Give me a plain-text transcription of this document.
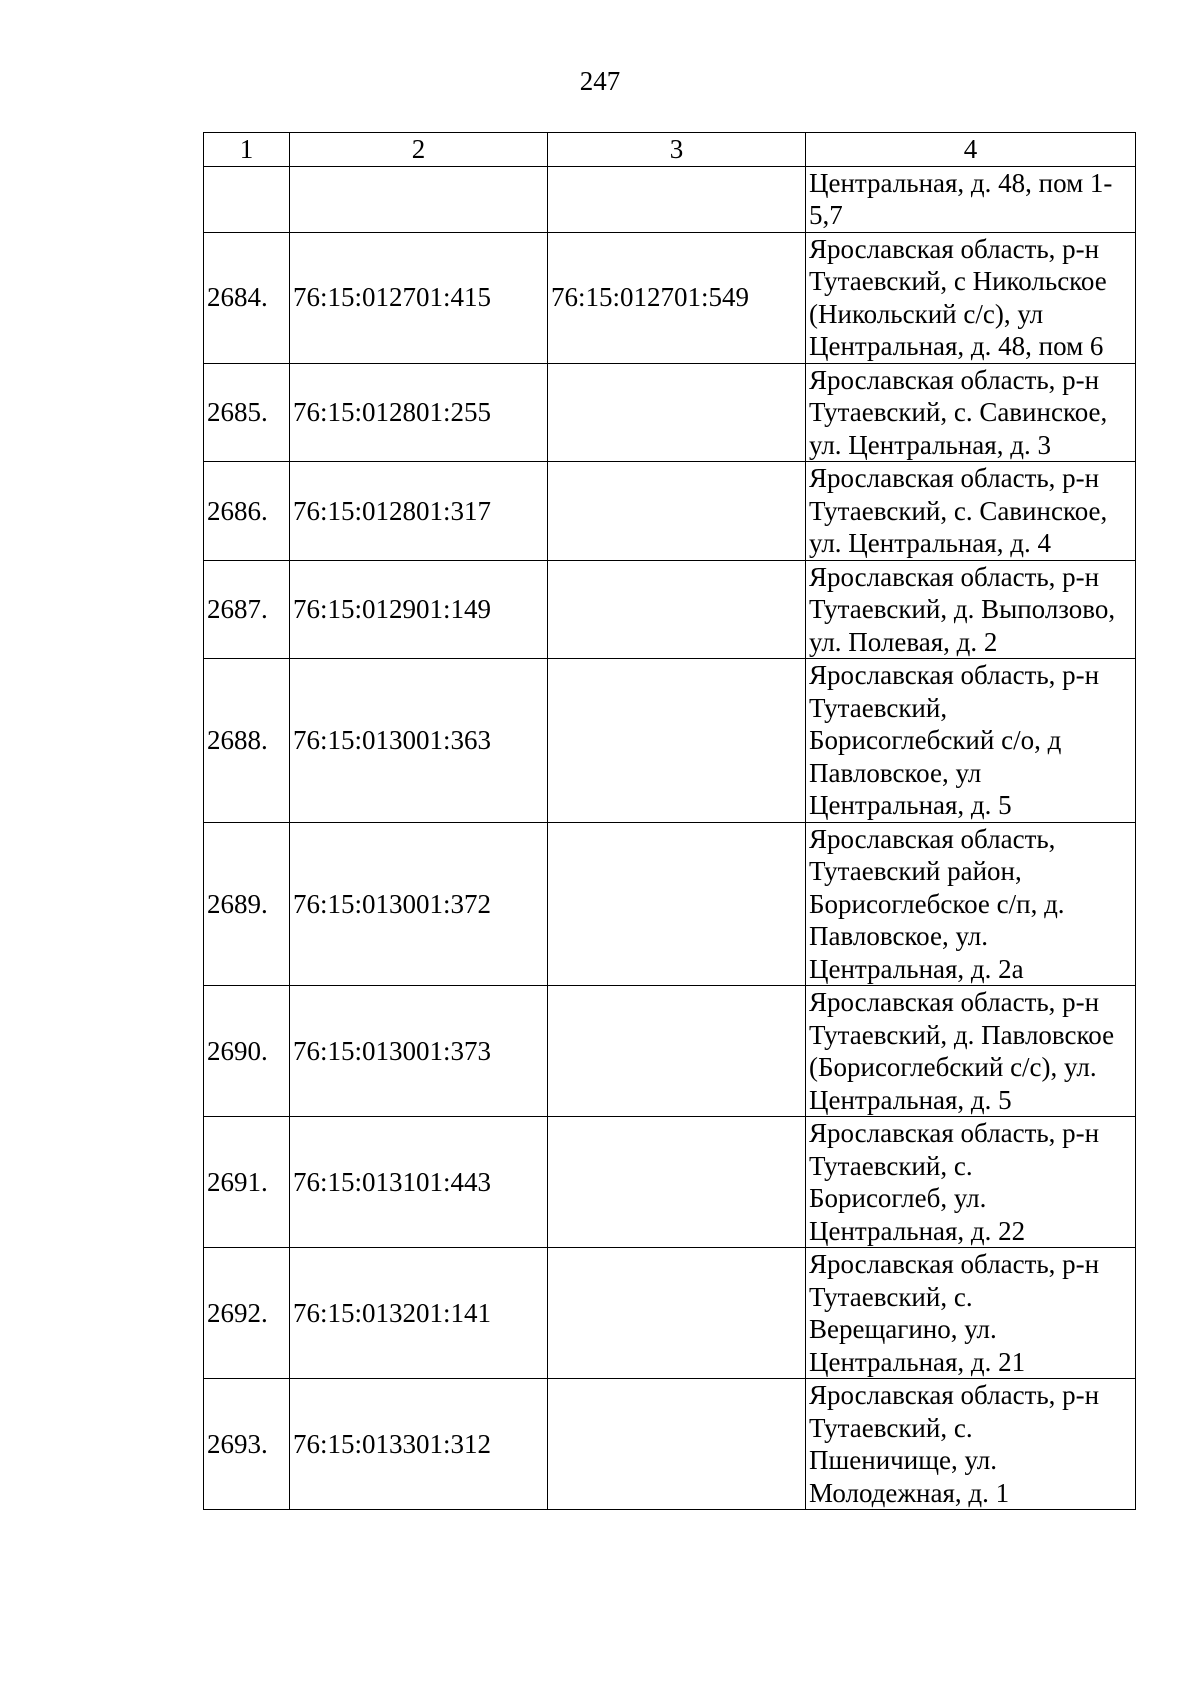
247
1	2	3	4

			Центральная, д. 48, пом 1-
5,7

2684.	76:15:012701:415	76:15:012701:549	Ярославская область, р-н
Тутаевский, с Никольское
(Никольский с/с), ул
Центральная, д. 48, пом 6

2685.	76:15:012801:255		Ярославская область, р-н
Тутаевский, с. Савинское,
ул. Центральная, д. 3

2686.	76:15:012801:317		Ярославская область, р-н
Тутаевский, с. Савинское,
ул. Центральная, д. 4

2687.	76:15:012901:149		Ярославская область, р-н
Тутаевский, д. Выползово,
ул. Полевая, д. 2

2688.	76:15:013001:363		Ярославская область, р-н
Тутаевский,
Борисоглебский с/о, д
Павловское, ул
Центральная, д. 5

2689.	76:15:013001:372		Ярославская область,
Тутаевский район,
Борисоглебское с/п, д.
Павловское, ул.
Центральная, д. 2а

2690.	76:15:013001:373		Ярославская область, р-н
Тутаевский, д. Павловское
(Борисоглебский с/с), ул.
Центральная, д. 5

2691.	76:15:013101:443		Ярославская область, р-н
Тутаевский, с.
Борисоглеб, ул.
Центральная, д. 22

2692.	76:15:013201:141		Ярославская область, р-н
Тутаевский, с.
Верещагино, ул.
Центральная, д. 21

2693.	76:15:013301:312		Ярославская область, р-н
Тутаевский, с.
Пшеничище, ул.
Молодежная, д. 1
